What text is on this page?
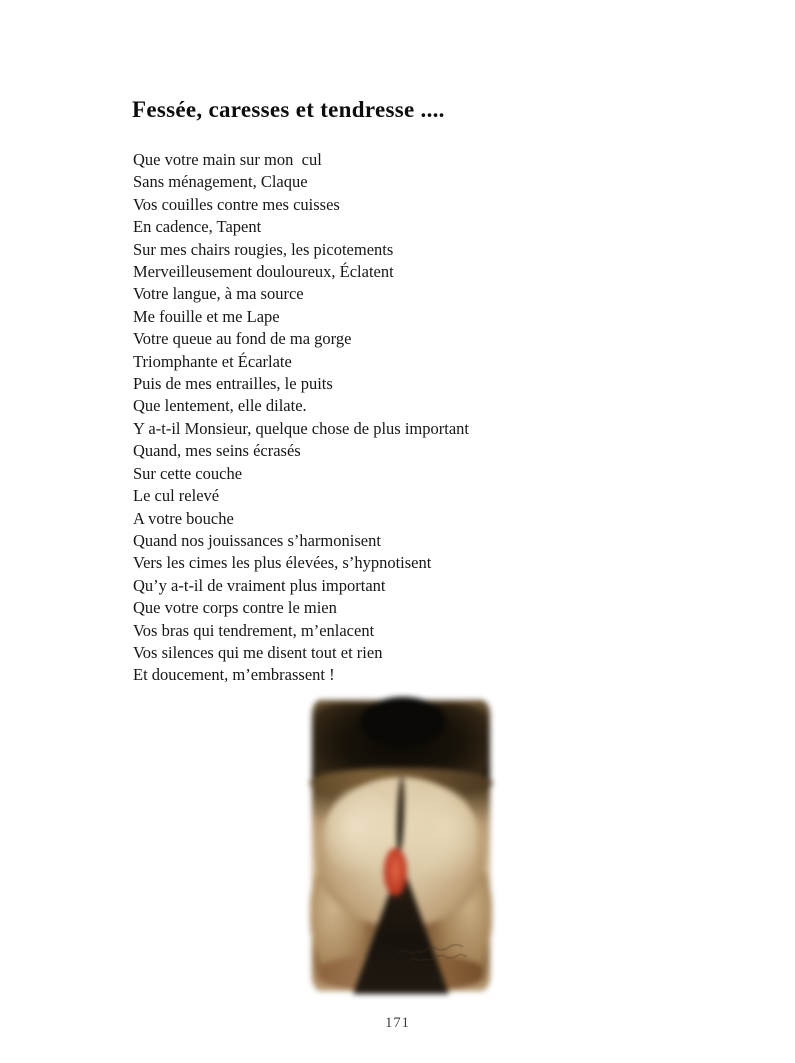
Fessée, caresses et tendresse ....
Que votre main sur mon  cul
Sans ménagement, Claque
Vos couilles contre mes cuisses
En cadence, Tapent
Sur mes chairs rougies, les picotements
Merveilleusement douloureux, Éclatent
Votre langue, à ma source
Me fouille et me Lape
Votre queue au fond de ma gorge
Triomphante et Écarlate
Puis de mes entrailles, le puits
Que lentement, elle dilate.
Y a-t-il Monsieur, quelque chose de plus important
Quand, mes seins écrasés
Sur cette couche
Le cul relevé
A votre bouche
Quand nos jouissances s’harmonisent
Vers les cimes les plus élevées, s’hypnotisent
Qu’y a-t-il de vraiment plus important
Que votre corps contre le mien
Vos bras qui tendrement, m’enlacent
Vos silences qui me disent tout et rien
Et doucement, m’embrassent !
171
